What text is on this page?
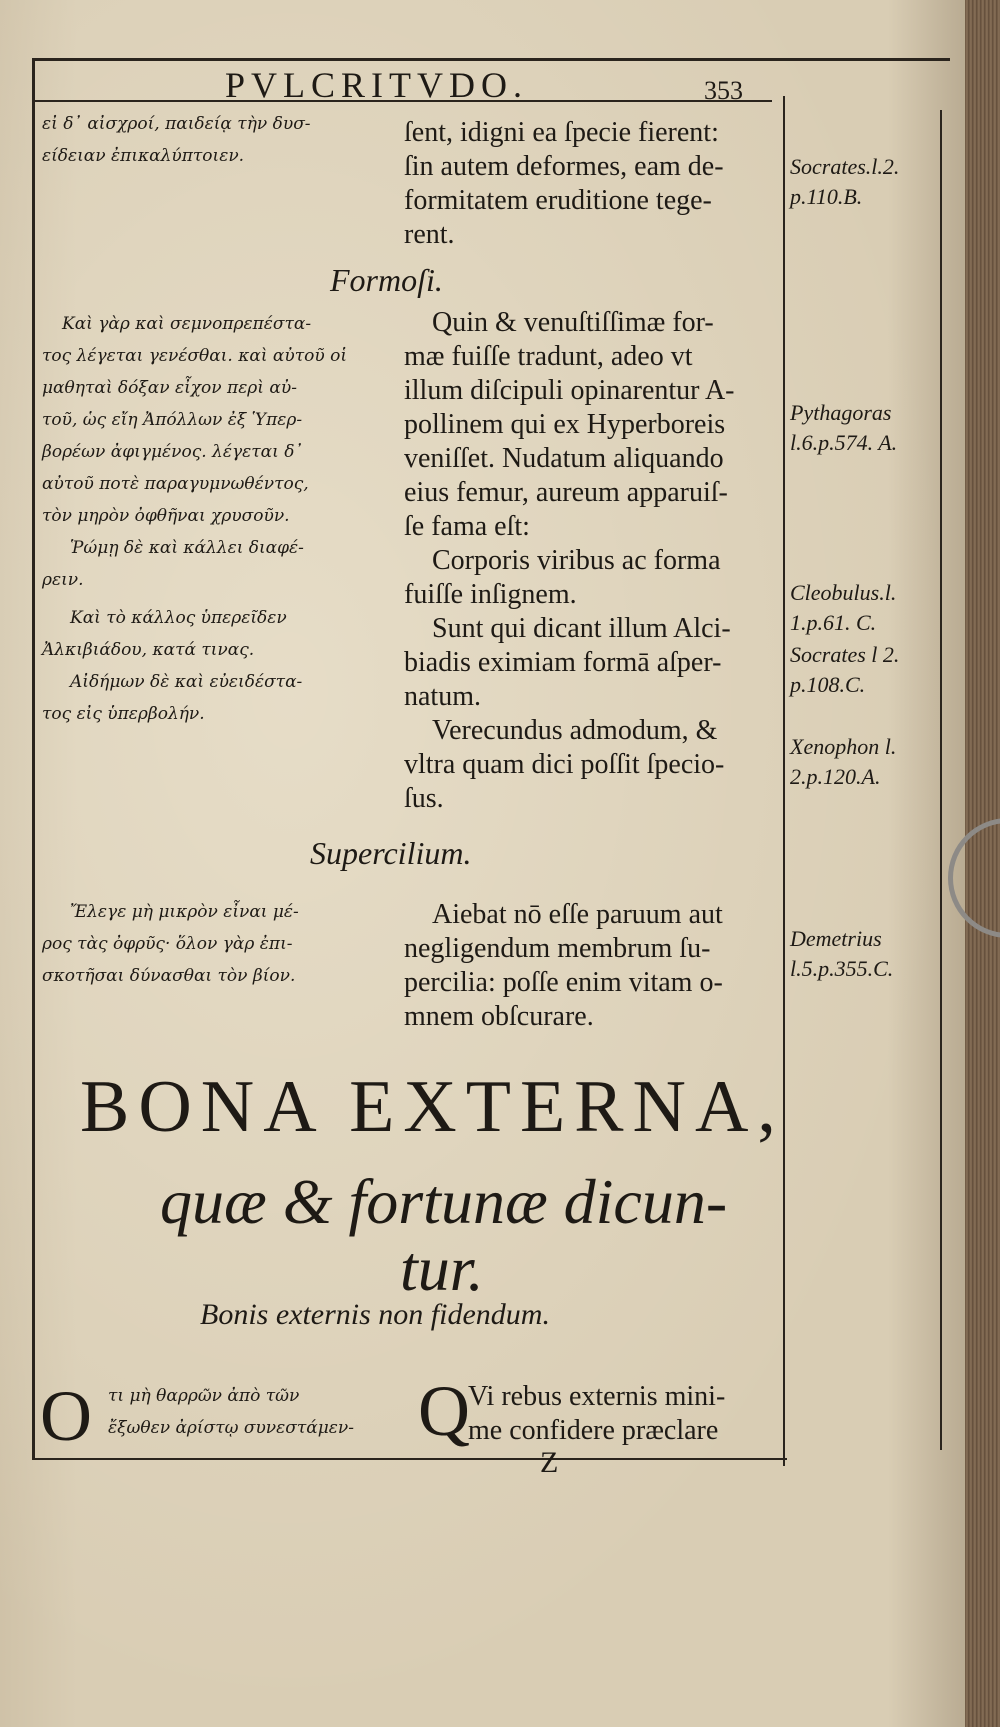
PVLCRITVDO.	353
εἰ δ᾽ αἰσχροί, παιδείᾳ τὴν δυσ-
είδειαν ἐπικαλύπτοιεν.
ſent, idigni ea ſpecie fierent:
ſin autem deformes, eam de-
formitatem eruditione tege-
rent.
Socrates.l.2.
p.110.B.
Formoſi.
Καὶ γὰρ καὶ σεμνοπρεπέστα-
τος λέγεται γενέσθαι. καὶ αὐτοῦ οἱ
μαθηταὶ δόξαν εἶχον περὶ αὐ-
τοῦ, ὡς εἴη Ἀπόλλων ἐξ Ὑπερ-
βορέων ἀφιγμένος. λέγεται δ᾽
αὐτοῦ ποτὲ παραγυμνωθέντος,
τὸν μηρὸν ὀφθῆναι χρυσοῦν.
Ῥώμῃ δὲ καὶ κάλλει διαφέ-
ρειν.
Καὶ τὸ κάλλος ὑπερεῖδεν
Ἀλκιβιάδου, κατά τινας.
Αἰδήμων δὲ καὶ εὐειδέστα-
τος εἰς ὑπερβολήν.
Quin & venuſtiſſimæ for-
mæ fuiſſe tradunt, adeo vt
illum diſcipuli opinarentur A-
pollinem qui ex Hyperboreis
veniſſet. Nudatum aliquando
eius femur, aureum apparuiſ-
ſe fama eſt:
Corporis viribus ac forma
fuiſſe inſignem.
Sunt qui dicant illum Alci-
biadis eximiam formā aſper-
natum.
Verecundus admodum, &
vltra quam dici poſſit ſpecio-
ſus.
Pythagoras
l.6.p.574. A.
Cleobulus.l.
1.p.61. C.
Socrates l 2.
p.108.C.
Xenophon l.
2.p.120.A.
Supercilium.
Ἔλεγε μὴ μικρὸν εἶναι μέ-
ρος τὰς ὀφρῦς· ὅλον γὰρ ἐπι-
σκοτῆσαι δύνασθαι τὸν βίον.
Aiebat nō eſſe paruum aut
negligendum membrum ſu-
percilia: poſſe enim vitam o-
mnem obſcurare.
Demetrius
l.5.p.355.C.
BONA EXTERNA,
quæ & fortunæ dicun-
tur.
Bonis externis non fidendum.
O τι μὴ θαρρῶν ἀπὸ τῶν
ἔξωθεν ἀρίστῳ συνεστάμεν- Q
Vi rebus externis mini-
me confidere præclare
Z
